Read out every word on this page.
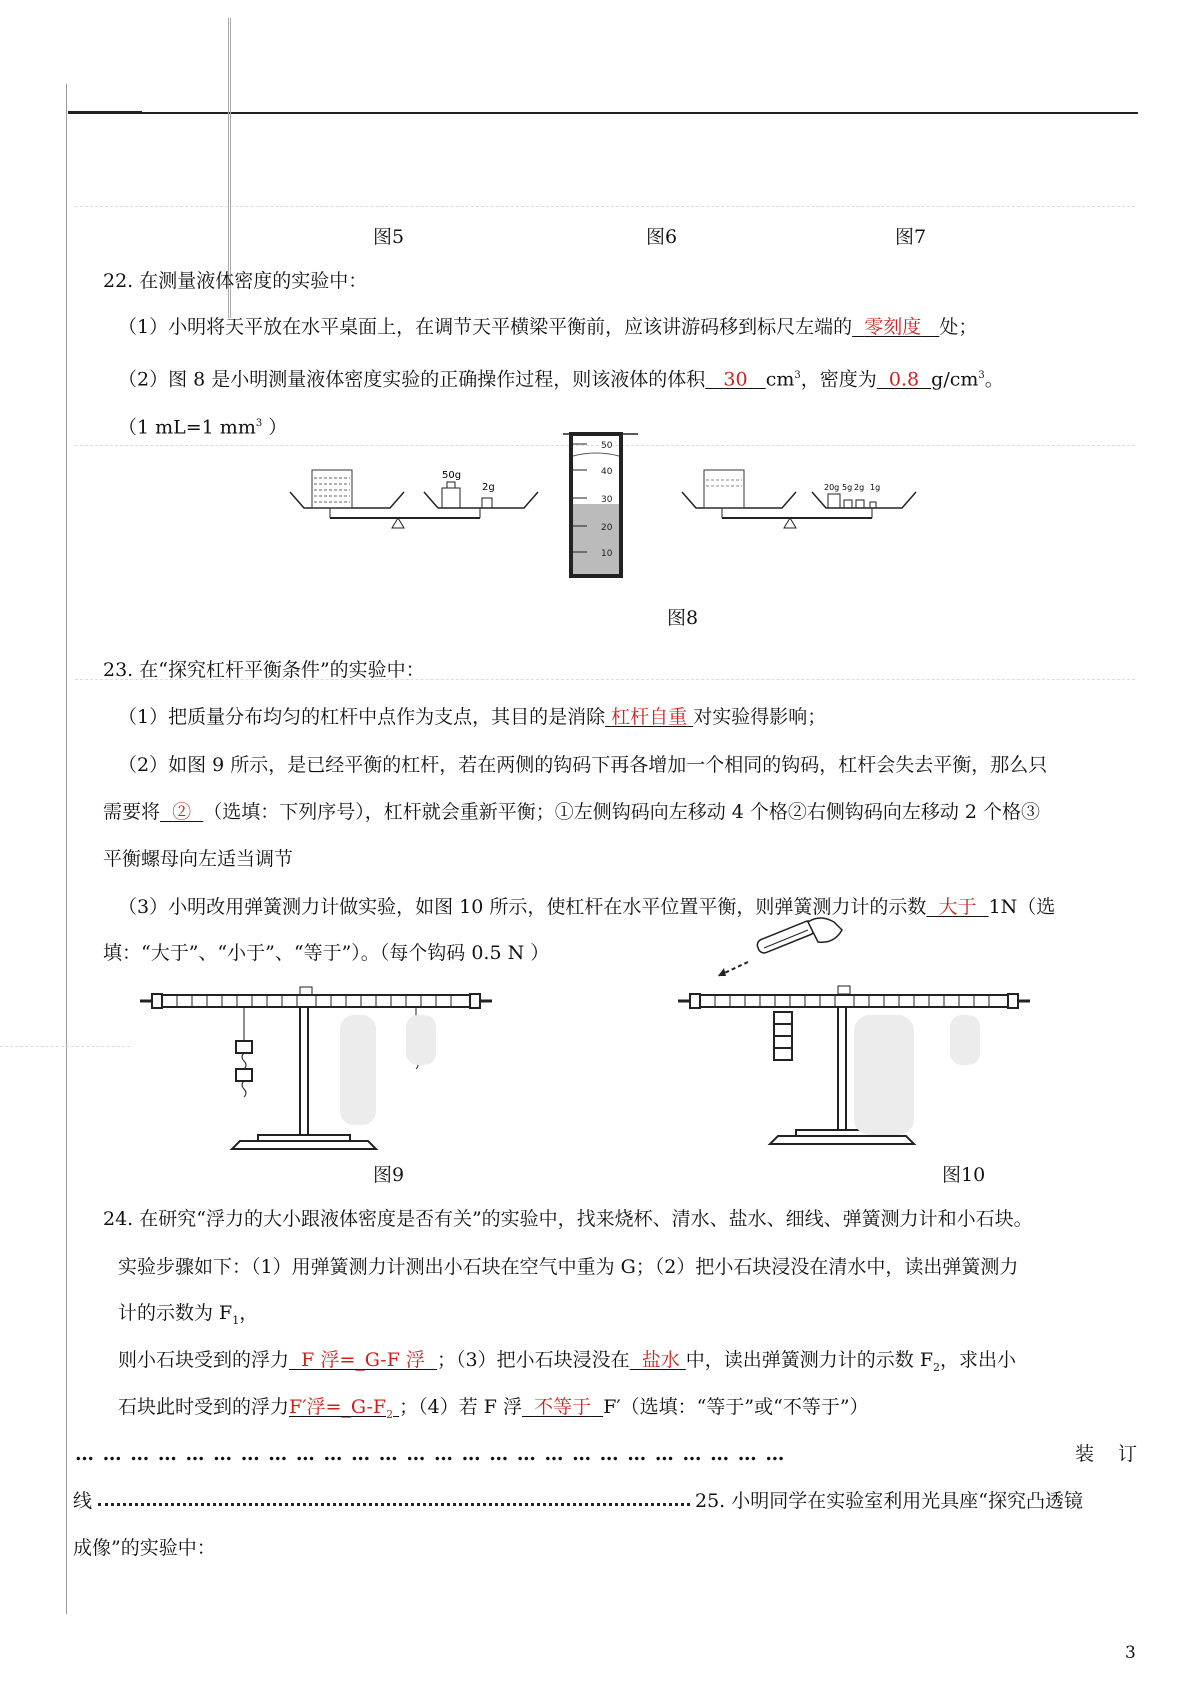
图5	图6	图7
22. 在测量液体密度的实验中：
（1）小明将天平放在水平桌面上，在调节天平横梁平衡前，应该讲游码移到标尺左端的 零刻度 处；
（2）图 8 是小明测量液体密度实验的正确操作过程，则该液体的体积 30 $cm^3$，密度为 0.8 $g/cm^3$。
（1 mL=1 $mm^3$ ）
50g
2g
50
40
30
20
10
20g 5g 2g 1g
图8
23. 在“探究杠杆平衡条件”的实验中：
（1）把质量分布均匀的杠杆中点作为支点，其目的是消除 杠杆自重 对实验得影响；
（2）如图 9 所示，是已经平衡的杠杆，若在两侧的钩码下再各增加一个相同的钩码，杠杆会失去平衡，那么只
需要将 ② （选填：下列序号），杠杆就会重新平衡；①左侧钩码向左移动 4 个格②右侧钩码向左移动 2 个格③
平衡螺母向左适当调节
（3）小明改用弹簧测力计做实验，如图 10 所示，使杠杆在水平位置平衡，则弹簧测力计的示数 大于 1N（选
填：“大于”、“小于”、“等于”）。（每个钩码 0.5 N ）
图9	图10
24. 在研究“浮力的大小跟液体密度是否有关”的实验中，找来烧杯、清水、盐水、细线、弹簧测力计和小石块。
实验步骤如下：（1）用弹簧测力计测出小石块在空气中重为 G；（2）把小石块浸没在清水中，读出弹簧测力
计的示数为 $F_1$，
则小石块受到的浮力 F 浮=_G-F 浮 ；（3）把小石块浸没在 盐水 中，读出弹簧测力计的示数 $F_2$，求出小
石块此时受到的浮力F′浮$=\_G-F_2$ ；（4）若 F 浮 不等于 F′（选填：“等于”或“不等于”）
… … … … … … … … … … … … … … … … … … … … … … … … … …	装 订
线	25. 小明同学在实验室利用光具座“探究凸透镜
成像”的实验中：
3
